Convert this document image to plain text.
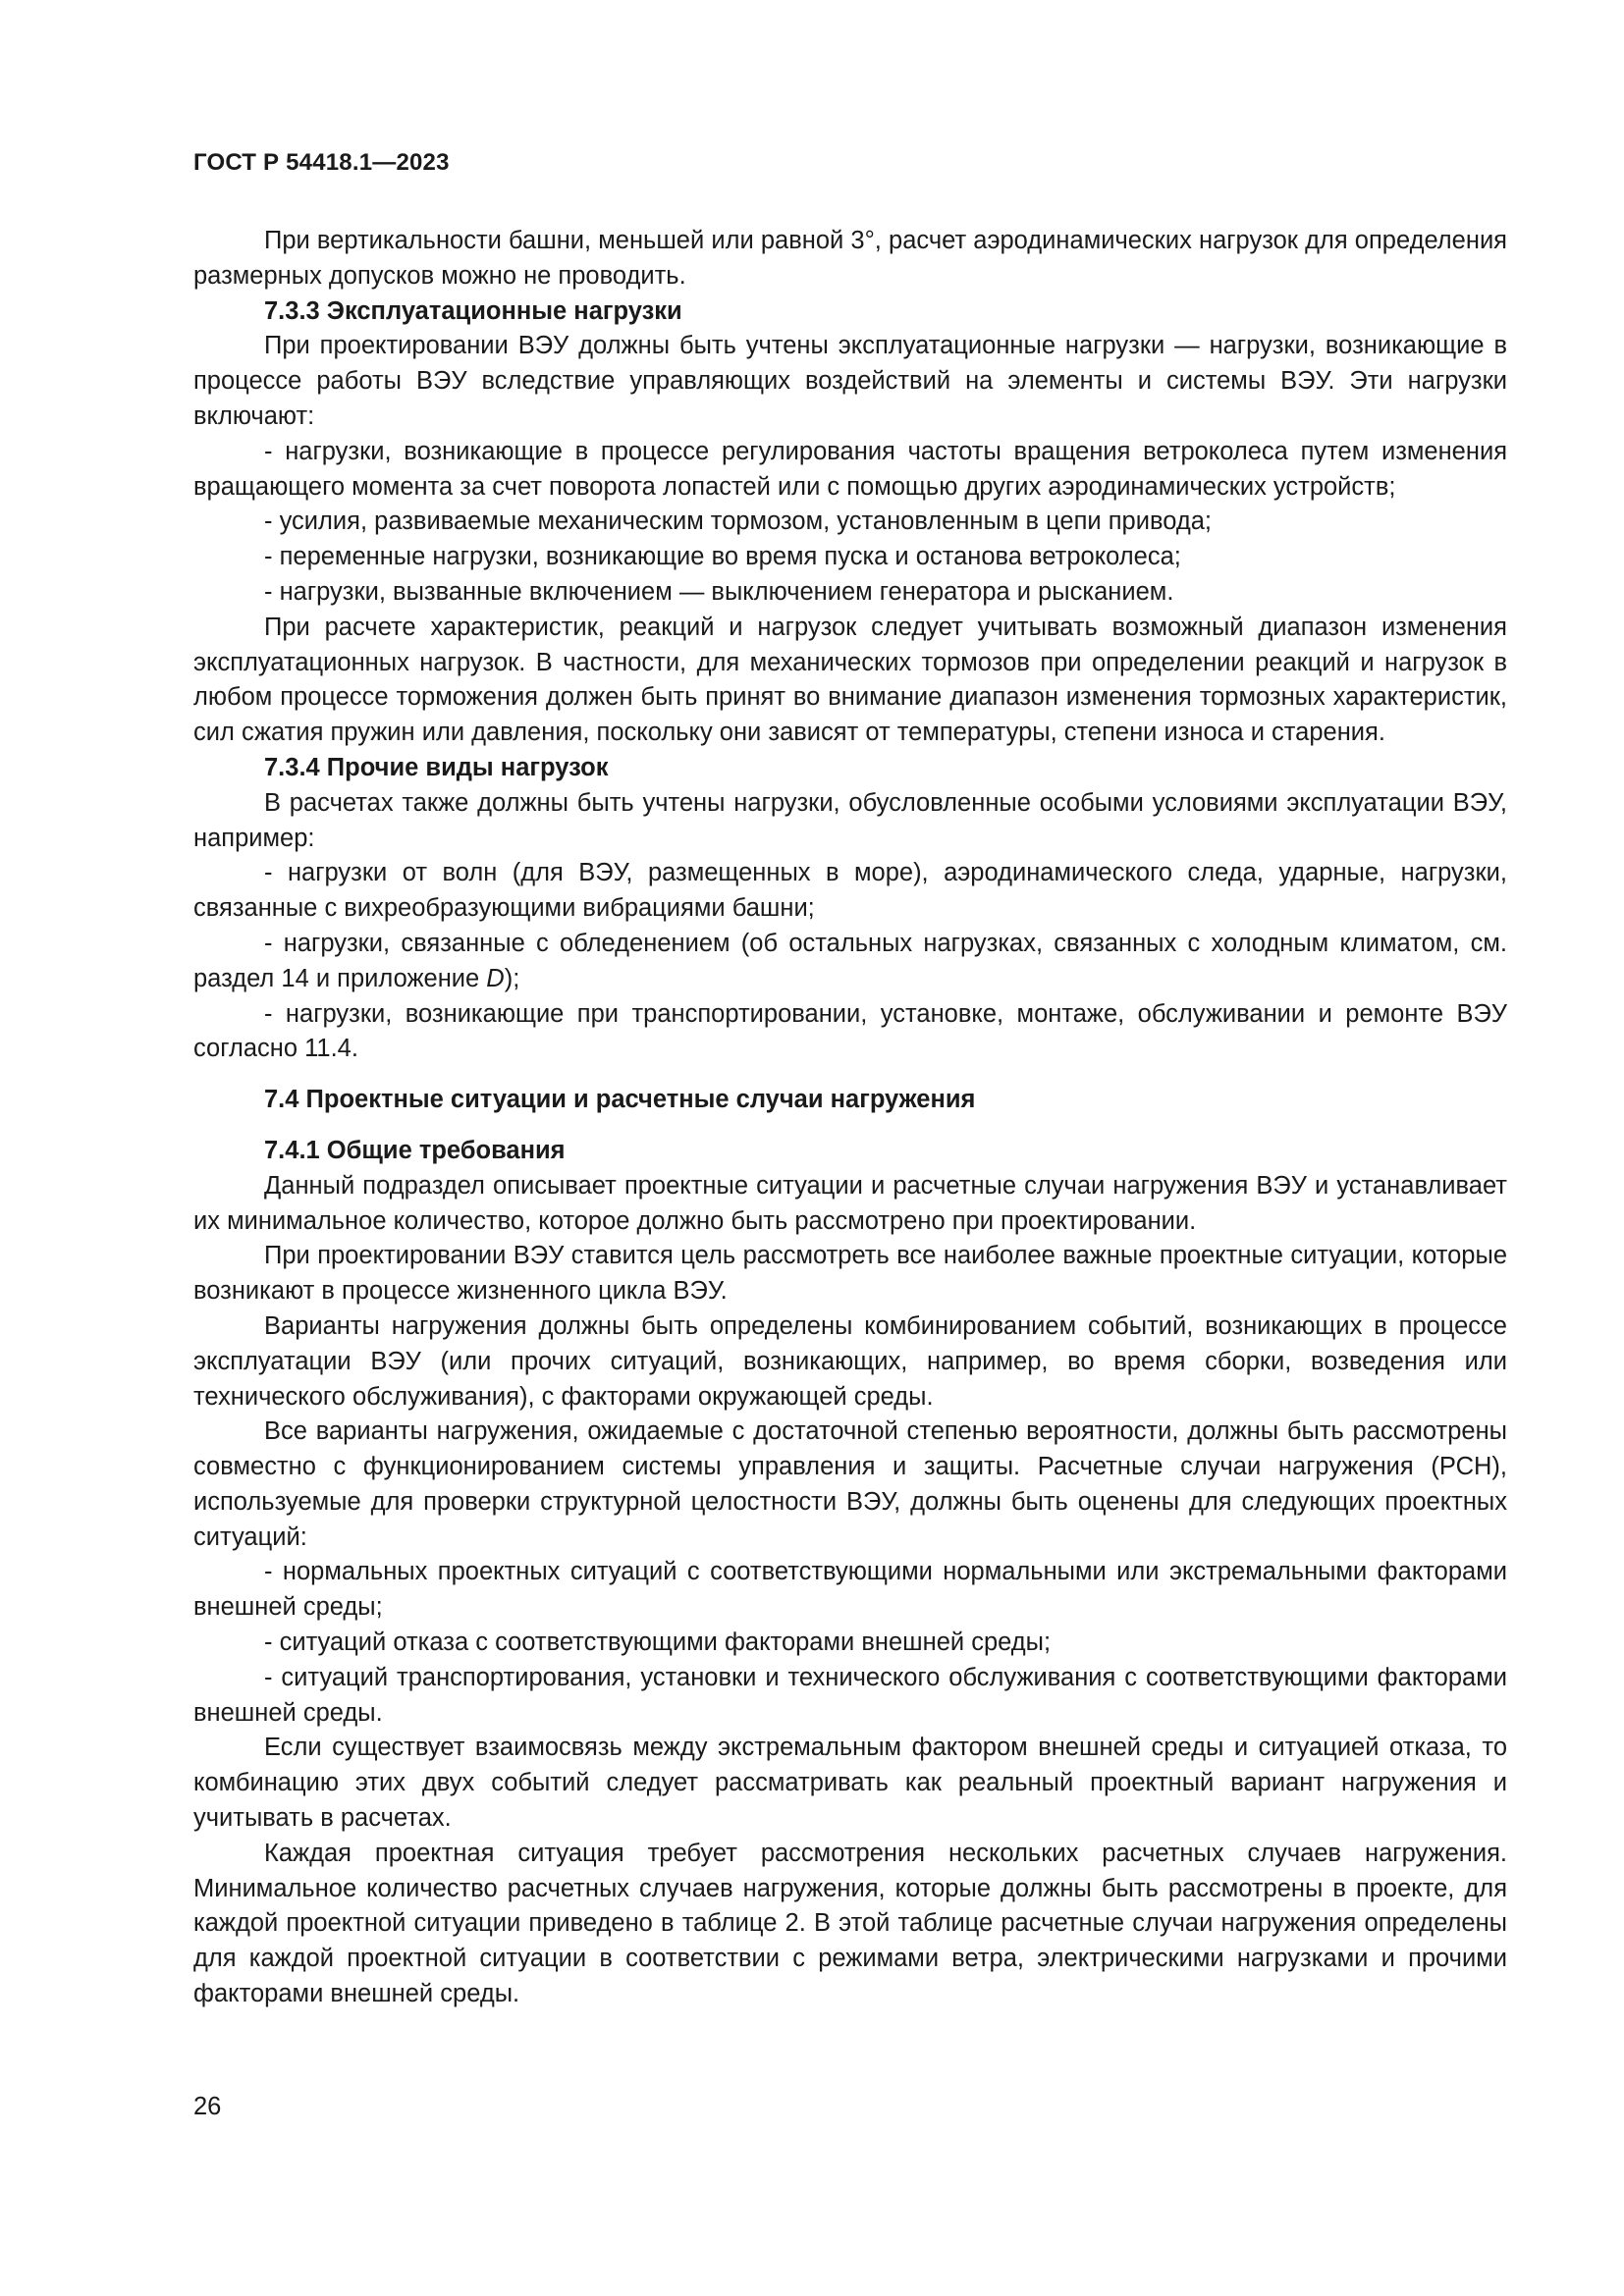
ГОСТ Р 54418.1—2023

При вертикальности башни, меньшей или равной 3°, расчет аэродинамических нагрузок для определения размерных допусков можно не проводить.

7.3.3 Эксплуатационные нагрузки

При проектировании ВЭУ должны быть учтены эксплуатационные нагрузки — нагрузки, возникающие в процессе работы ВЭУ вследствие управляющих воздействий на элементы и системы ВЭУ. Эти нагрузки включают:

- нагрузки, возникающие в процессе регулирования частоты вращения ветроколеса путем изменения вращающего момента за счет поворота лопастей или с помощью других аэродинамических устройств;

- усилия, развиваемые механическим тормозом, установленным в цепи привода;

- переменные нагрузки, возникающие во время пуска и останова ветроколеса;

- нагрузки, вызванные включением — выключением генератора и рысканием.

При расчете характеристик, реакций и нагрузок следует учитывать возможный диапазон изменения эксплуатационных нагрузок. В частности, для механических тормозов при определении реакций и нагрузок в любом процессе торможения должен быть принят во внимание диапазон изменения тормозных характеристик, сил сжатия пружин или давления, поскольку они зависят от температуры, степени износа и старения.

7.3.4 Прочие виды нагрузок

В расчетах также должны быть учтены нагрузки, обусловленные особыми условиями эксплуатации ВЭУ, например:

- нагрузки от волн (для ВЭУ, размещенных в море), аэродинамического следа, ударные, нагрузки, связанные с вихреобразующими вибрациями башни;

- нагрузки, связанные с обледенением (об остальных нагрузках, связанных с холодным климатом, см. раздел 14 и приложение D);

- нагрузки, возникающие при транспортировании, установке, монтаже, обслуживании и ремонте ВЭУ согласно 11.4.

7.4 Проектные ситуации и расчетные случаи нагружения
7.4.1 Общие требования

Данный подраздел описывает проектные ситуации и расчетные случаи нагружения ВЭУ и устанавливает их минимальное количество, которое должно быть рассмотрено при проектировании.

При проектировании ВЭУ ставится цель рассмотреть все наиболее важные проектные ситуации, которые возникают в процессе жизненного цикла ВЭУ.

Варианты нагружения должны быть определены комбинированием событий, возникающих в процессе эксплуатации ВЭУ (или прочих ситуаций, возникающих, например, во время сборки, возведения или технического обслуживания), с факторами окружающей среды.

Все варианты нагружения, ожидаемые с достаточной степенью вероятности, должны быть рассмотрены совместно с функционированием системы управления и защиты. Расчетные случаи нагружения (РСН), используемые для проверки структурной целостности ВЭУ, должны быть оценены для следующих проектных ситуаций:

- нормальных проектных ситуаций с соответствующими нормальными или экстремальными факторами внешней среды;

- ситуаций отказа с соответствующими факторами внешней среды;

- ситуаций транспортирования, установки и технического обслуживания с соответствующими факторами внешней среды.

Если существует взаимосвязь между экстремальным фактором внешней среды и ситуацией отказа, то комбинацию этих двух событий следует рассматривать как реальный проектный вариант нагружения и учитывать в расчетах.

Каждая проектная ситуация требует рассмотрения нескольких расчетных случаев нагружения. Минимальное количество расчетных случаев нагружения, которые должны быть рассмотрены в проекте, для каждой проектной ситуации приведено в таблице 2. В этой таблице расчетные случаи нагружения определены для каждой проектной ситуации в соответствии с режимами ветра, электрическими нагрузками и прочими факторами внешней среды.

26
